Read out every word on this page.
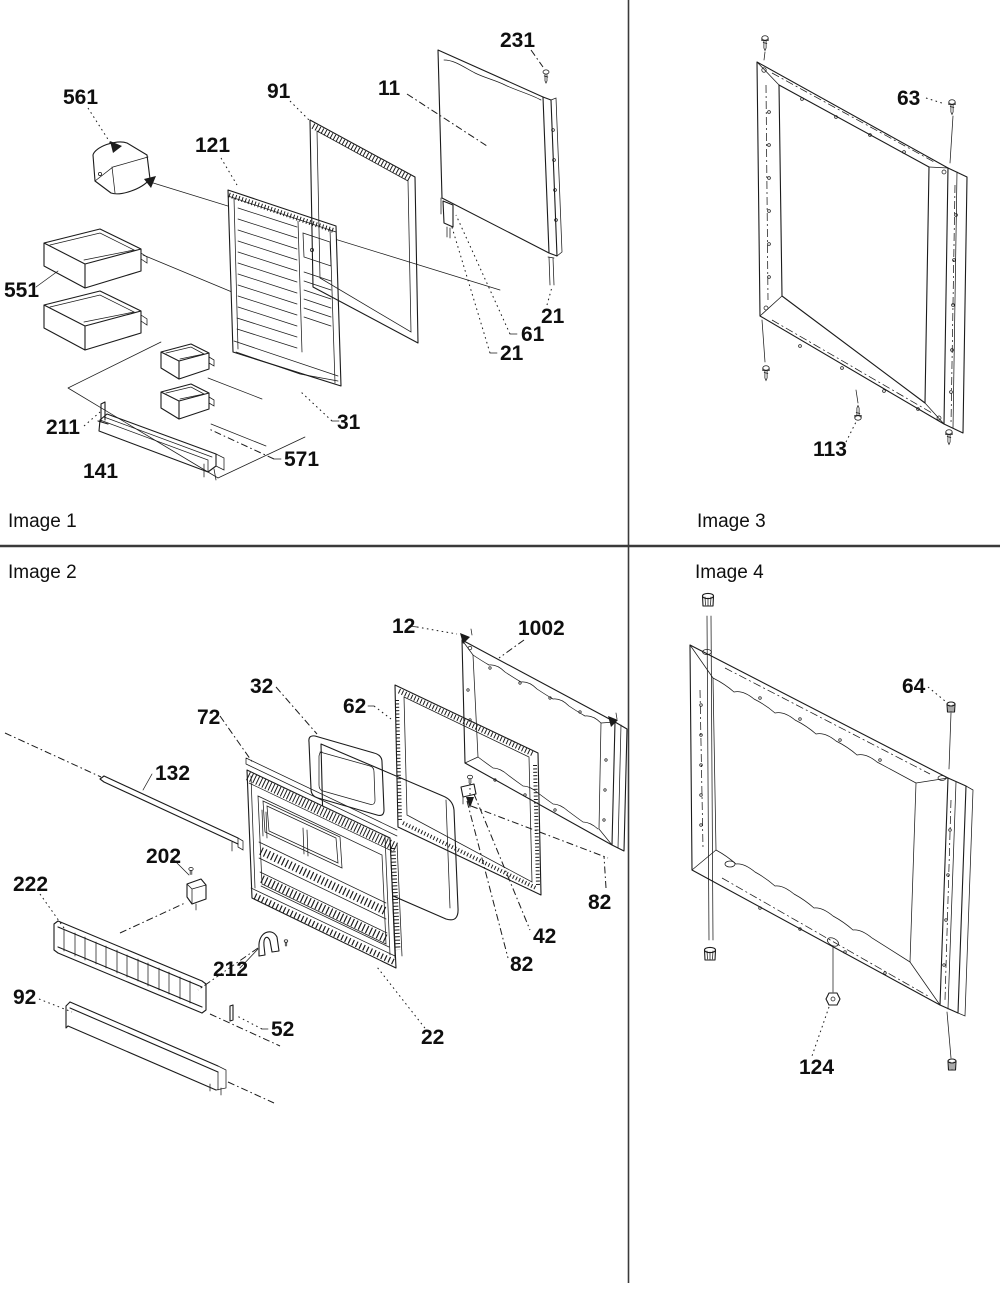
561
121
91	11
231
21
61
21
551
211
141
571
31
Image 1
63
113
Image 3
12	1002
32
62
72
132
202
222
212
92
52	22
42
82
82
Image 2
64
124
Image 4
